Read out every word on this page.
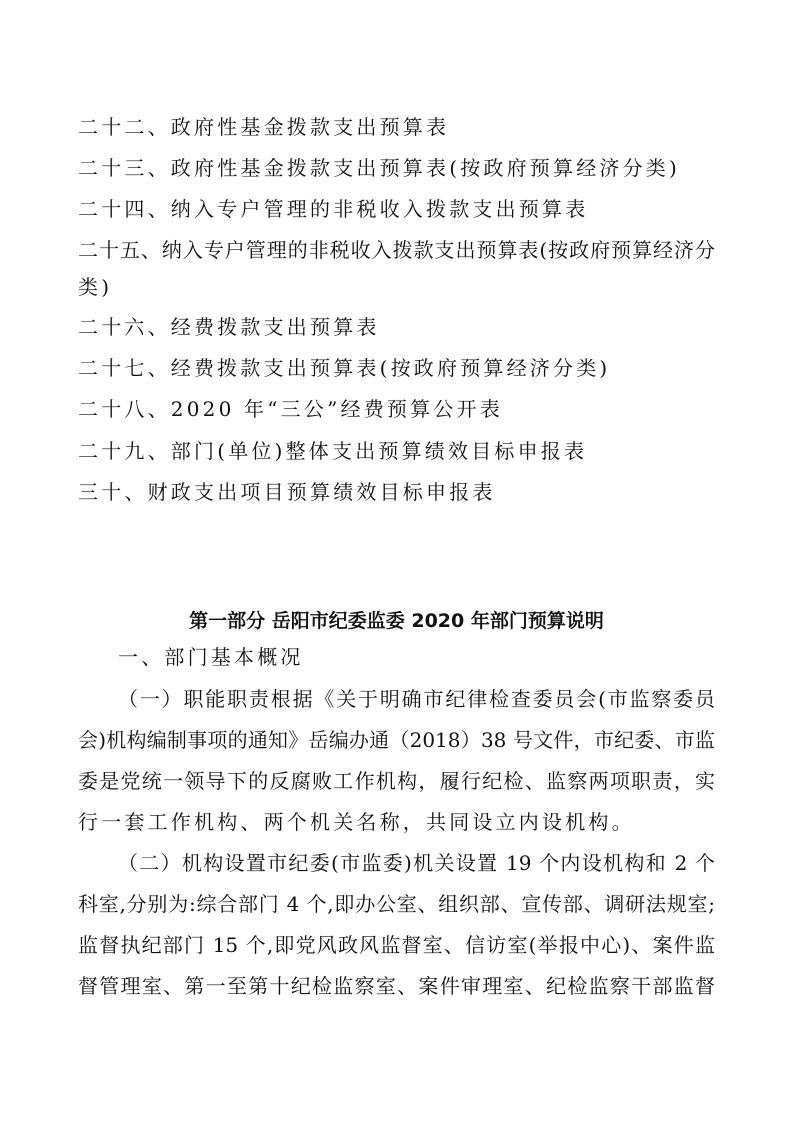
二十二、政府性基金拨款支出预算表
二十三、政府性基金拨款支出预算表(按政府预算经济分类)
二十四、纳入专户管理的非税收入拨款支出预算表
二十五、纳入专户管理的非税收入拨款支出预算表(按政府预算经济分
类)
二十六、经费拨款支出预算表
二十七、经费拨款支出预算表(按政府预算经济分类)
二十八、2020 年“三公”经费预算公开表
二十九、部门(单位)整体支出预算绩效目标申报表
三十、财政支出项目预算绩效目标申报表
第一部分 岳阳市纪委监委 2020 年部门预算说明
一、部门基本概况
（一）职能职责根据《关于明确市纪律检查委员会(市监察委员
会)机构编制事项的通知》岳编办通（2018）38 号文件，市纪委、市监
委是党统一领导下的反腐败工作机构，履行纪检、监察两项职责，实
行一套工作机构、两个机关名称，共同设立内设机构。
（二）机构设置市纪委(市监委)机关设置 19 个内设机构和 2 个
科室,分别为:综合部门 4 个,即办公室、组织部、宣传部、调研法规室;
监督执纪部门 15 个,即党风政风监督室、信访室(举报中心)、案件监
督管理室、第一至第十纪检监察室、案件审理室、纪检监察干部监督
